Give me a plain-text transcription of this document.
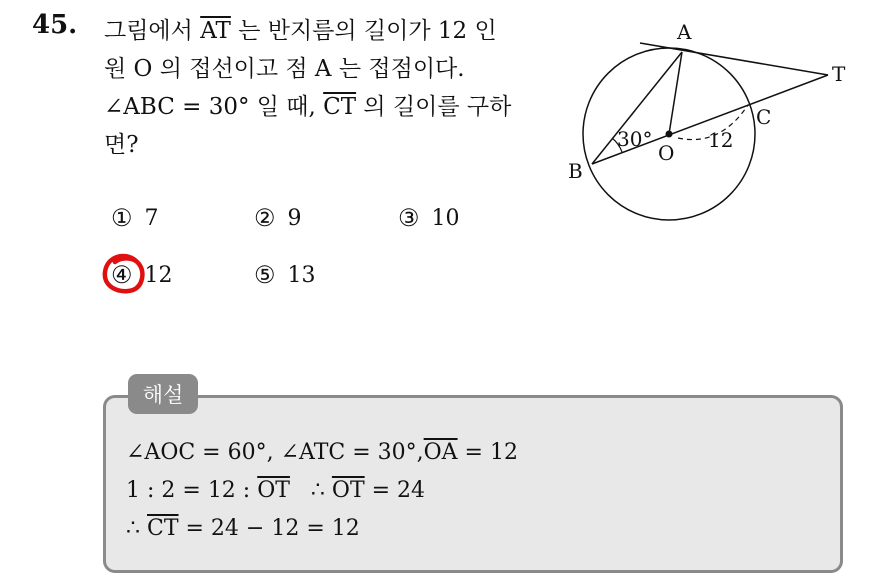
45. 그림에서 $\overline{AT}$ 는 반지름의 길이가 12 인
원 O 의 접선이고 점 A 는 접점이다.
∠ABC = 30° 일 때, $\overline{CT}$ 의 길이를 구하
면?
A
T
C
B
O
30°	12
① 7	② 9	③ 10
④ 12	⑤ 13
해설
∠AOC = 60°, ∠ATC = $30^\circ,\overline{OA} = 12$
1 : 2 = 12 : $\overline{OT}$   ∴ $\overline{OT} = 24$
∴ $\overline{CT} = 24 - 12 = 12$
